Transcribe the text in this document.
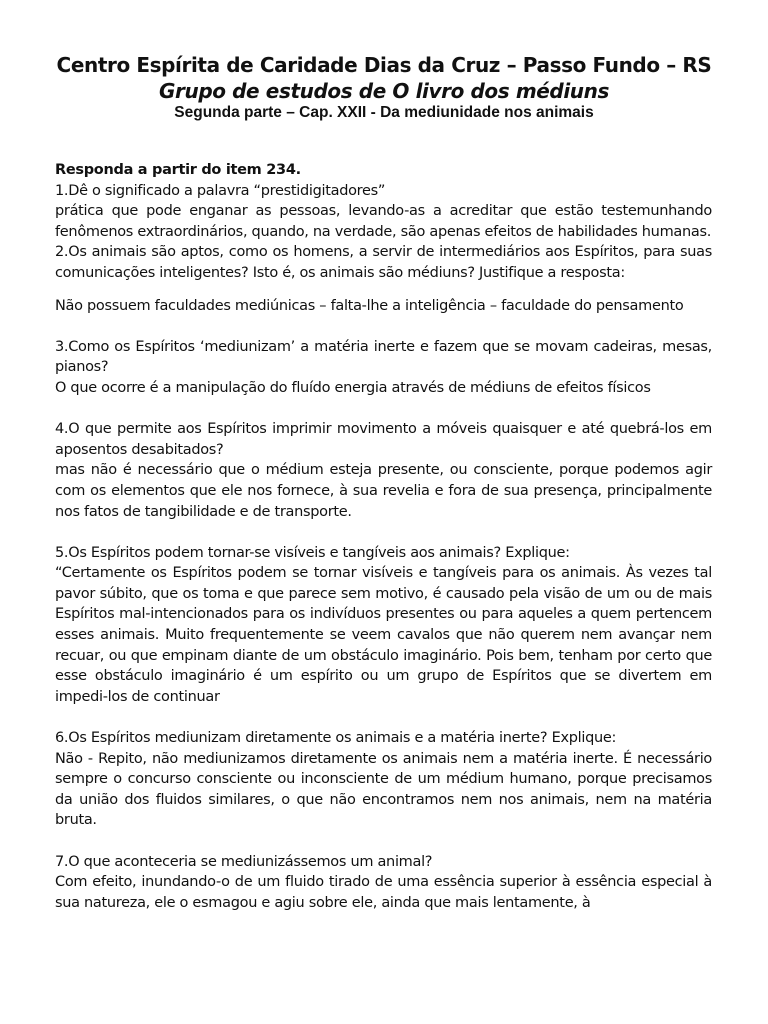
Centro Espírita de Caridade Dias da Cruz – Passo Fundo – RS
Grupo de estudos de O livro dos médiuns
Segunda parte – Cap. XXII - Da mediunidade nos animais

Responda a partir do item 234.

1.Dê o significado a palavra “prestidigitadores”

prática que pode enganar as pessoas, levando-as a acreditar que estão testemunhando fenômenos extraordinários, quando, na verdade, são apenas efeitos de habilidades humanas.

2.Os animais são aptos, como os homens, a servir de intermediários aos Espíritos, para suas comunicações inteligentes? Isto é, os animais são médiuns? Justifique a resposta:

Não possuem faculdades mediúnicas – falta-lhe a inteligência – faculdade do pensamento

3.Como os Espíritos ‘mediunizam’ a matéria inerte e fazem que se movam cadeiras, mesas, pianos?

O que ocorre é a manipulação do fluído energia através de médiuns de efeitos físicos

4.O que permite aos Espíritos imprimir movimento a móveis quaisquer e até quebrá-los em aposentos desabitados?

mas não é necessário que o médium esteja presente, ou consciente, porque podemos agir com os elementos que ele nos fornece, à sua revelia e fora de sua presença, principalmente nos fatos de tangibilidade e de transporte.

5.Os Espíritos podem tornar-se visíveis e tangíveis aos animais? Explique:

“Certamente os Espíritos podem se tornar visíveis e tangíveis para os animais. Às vezes tal pavor súbito, que os toma e que parece sem motivo, é causado pela visão de um ou de mais Espíritos mal-intencionados para os indivíduos presentes ou para aqueles a quem pertencem esses animais. Muito frequentemente se veem cavalos que não querem nem avançar nem recuar, ou que empinam diante de um obstáculo imaginário. Pois bem, tenham por certo que esse obstáculo imaginário é um espírito ou um grupo de Espíritos que se divertem em impedi-los de continuar

6.Os Espíritos mediunizam diretamente os animais e a matéria inerte? Explique:

Não - Repito, não mediunizamos diretamente os animais nem a matéria inerte. É necessário sempre o concurso consciente ou inconsciente de um médium humano, porque precisamos da união dos fluidos similares, o que não encontramos nem nos animais, nem na matéria bruta.

7.O que aconteceria se mediunizássemos um animal?

Com efeito, inundando-o de um fluido tirado de uma essência superior à essência especial à sua natureza, ele o esmagou e agiu sobre ele, ainda que mais lentamente, à
